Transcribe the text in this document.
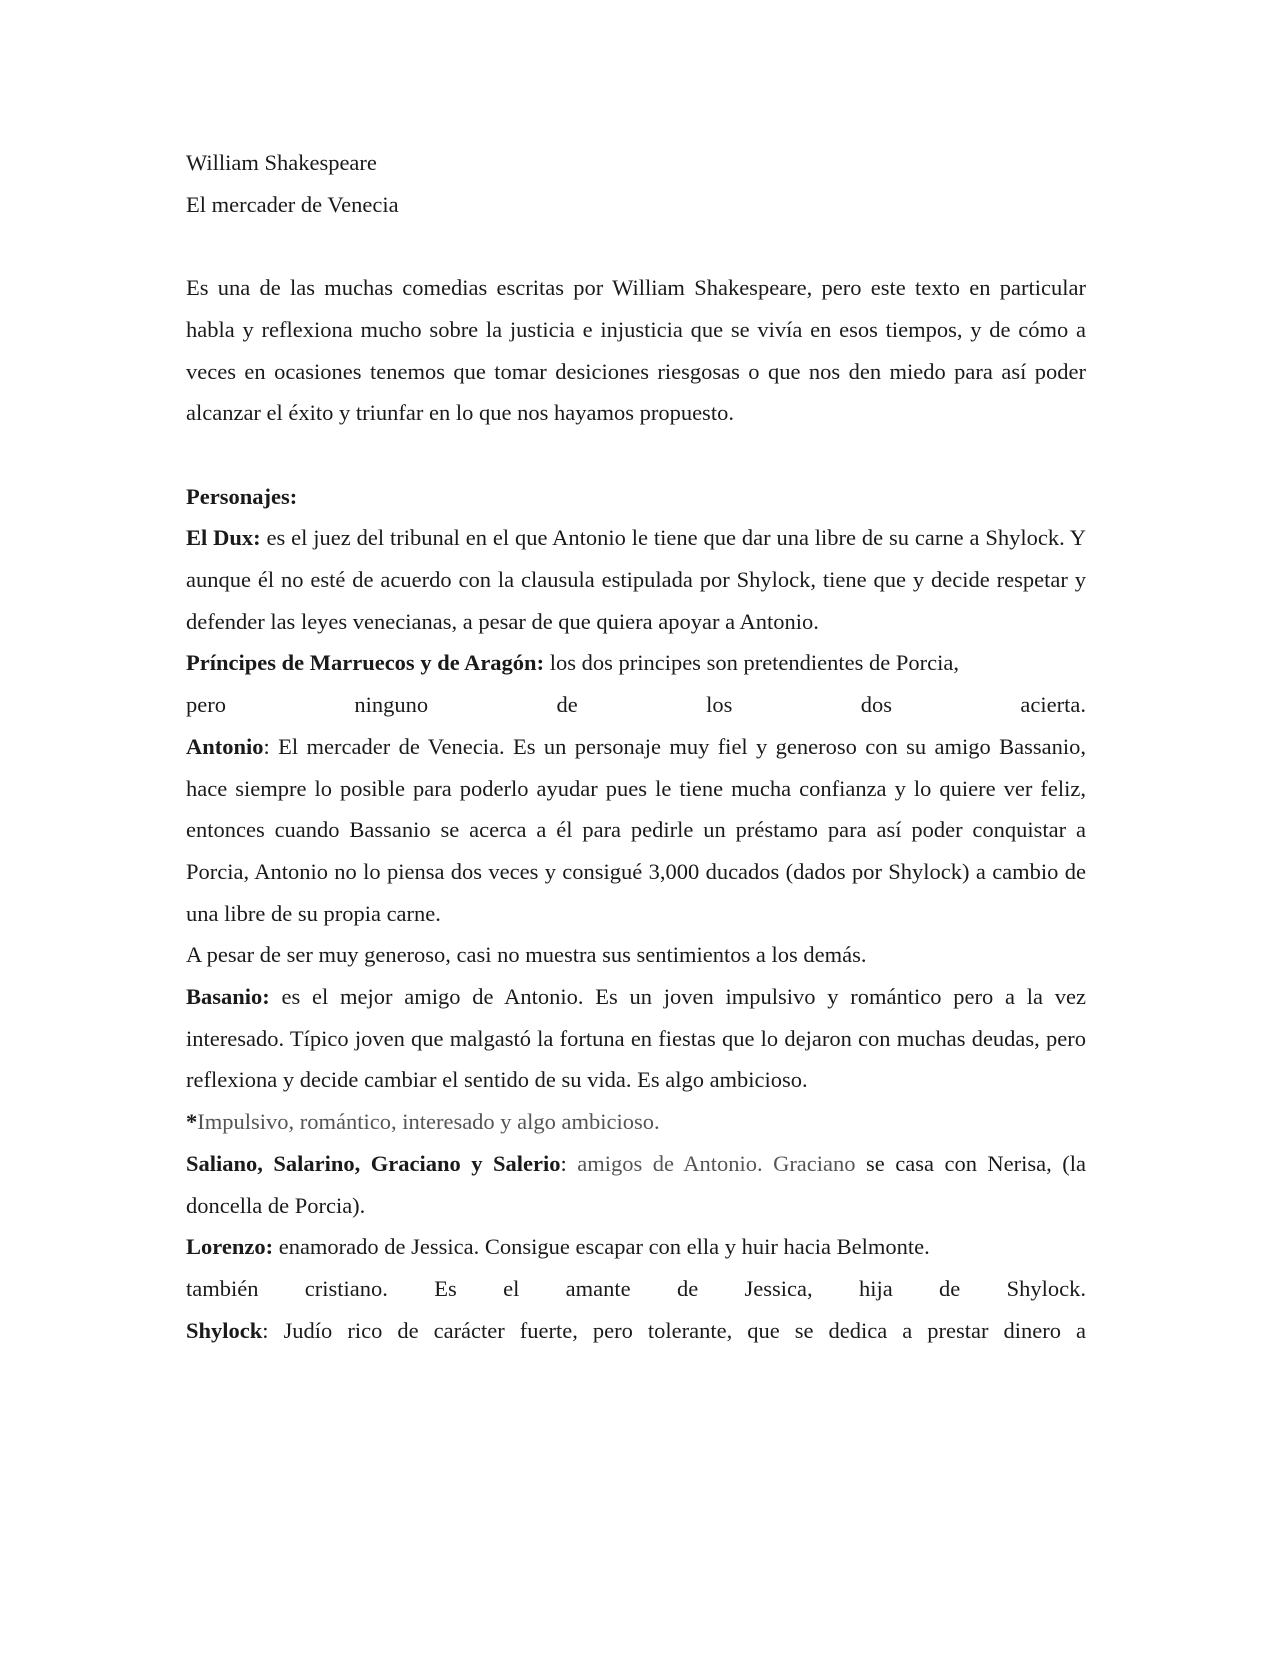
William Shakespeare

El mercader de Venecia

Es una de las muchas comedias escritas por William Shakespeare, pero este texto en particular habla y reflexiona mucho sobre la justicia e injusticia que se vivía en esos tiempos, y de cómo a veces en ocasiones tenemos que tomar desiciones riesgosas o que nos den miedo para así poder alcanzar el éxito y triunfar en lo que nos hayamos propuesto.

Personajes:

El Dux: es el juez del tribunal en el que Antonio le tiene que dar una libre de su carne a Shylock. Y aunque él no esté de acuerdo con la clausula estipulada por Shylock, tiene que y decide respetar y defender las leyes venecianas, a pesar de que quiera apoyar a Antonio.

Príncipes de Marruecos y de Aragón: los dos principes son pretendientes de Porcia,

pero ninguno de los dos acierta.

Antonio: El mercader de Venecia. Es un personaje muy fiel y generoso con su amigo Bassanio, hace siempre lo posible para poderlo ayudar pues le tiene mucha confianza y lo quiere ver feliz, entonces cuando Bassanio se acerca a él para pedirle un préstamo para así poder conquistar a Porcia, Antonio no lo piensa dos veces y consigué 3,000 ducados (dados por Shylock) a cambio de una libre de su propia carne.

A pesar de ser muy generoso, casi no muestra sus sentimientos a los demás.

Basanio: es el mejor amigo de Antonio. Es un joven impulsivo y romántico pero a la vez interesado. Típico joven que malgastó la fortuna en fiestas que lo dejaron con muchas deudas, pero reflexiona y decide cambiar el sentido de su vida. Es algo ambicioso.

*Impulsivo, romántico, interesado y algo ambicioso.

Saliano, Salarino, Graciano y Salerio: amigos de Antonio. Graciano se casa con Nerisa, (la doncella de Porcia).

Lorenzo: enamorado de Jessica. Consigue escapar con ella y huir hacia Belmonte.

también cristiano. Es el amante de Jessica, hija de Shylock.

Shylock: Judío rico de carácter fuerte, pero tolerante, que se dedica a prestar dinero a
